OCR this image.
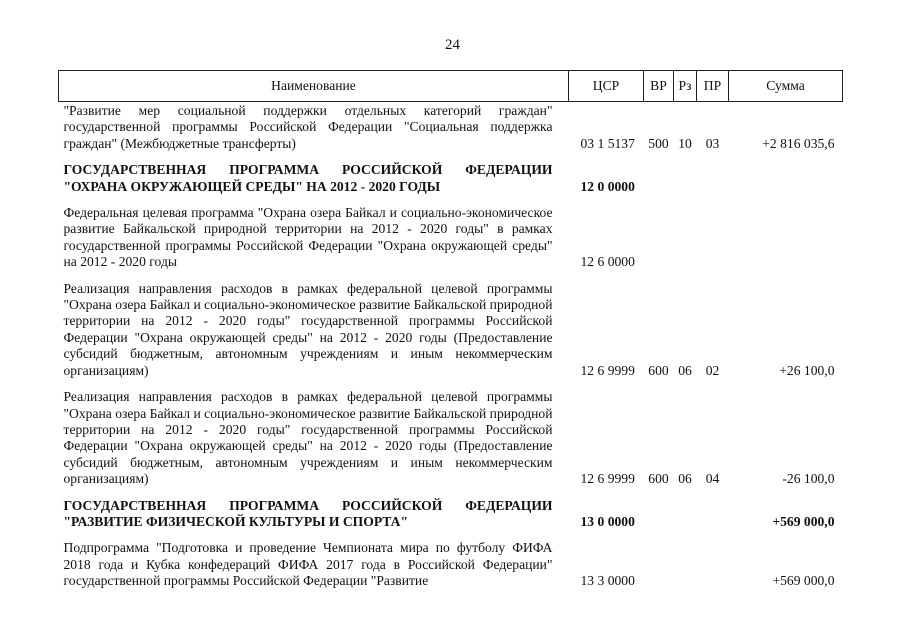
24
Наименование	ЦСР	ВР	Рз	ПР	Сумма
"Развитие мер социальной поддержки отдельных категорий граждан" государственной программы Российской Федерации "Социальная поддержка граждан" (Межбюджетные трансферты)	03 1 5137	500	10	03	+2 816 035,6
ГОСУДАРСТВЕННАЯ ПРОГРАММА РОССИЙСКОЙ ФЕДЕРАЦИИ "ОХРАНА ОКРУЖАЮЩЕЙ СРЕДЫ" НА 2012 - 2020 ГОДЫ	12 0 0000				
Федеральная целевая программа "Охрана озера Байкал и социально-экономическое развитие Байкальской природной территории на 2012 - 2020 годы" в рамках государственной программы Российской Федерации "Охрана окружающей среды" на 2012 - 2020 годы	12 6 0000				
Реализация направления расходов в рамках федеральной целевой программы "Охрана озера Байкал и социально-экономическое развитие Байкальской природной территории на 2012 - 2020 годы" государственной программы Российской Федерации "Охрана окружающей среды" на 2012 - 2020 годы (Предоставление субсидий бюджетным, автономным учреждениям и иным некоммерческим организациям)	12 6 9999	600	06	02	+26 100,0
Реализация направления расходов в рамках федеральной целевой программы "Охрана озера Байкал и социально-экономическое развитие Байкальской природной территории на 2012 - 2020 годы" государственной программы Российской Федерации "Охрана окружающей среды" на 2012 - 2020 годы (Предоставление субсидий бюджетным, автономным учреждениям и иным некоммерческим организациям)	12 6 9999	600	06	04	-26 100,0
ГОСУДАРСТВЕННАЯ ПРОГРАММА РОССИЙСКОЙ ФЕДЕРАЦИИ "РАЗВИТИЕ ФИЗИЧЕСКОЙ КУЛЬТУРЫ И СПОРТА"	13 0 0000				+569 000,0
Подпрограмма "Подготовка и проведение Чемпионата мира по футболу ФИФА 2018 года и Кубка конфедераций ФИФА 2017 года в Российской Федерации" государственной программы Российской Федерации "Развитие	13 3 0000				+569 000,0
